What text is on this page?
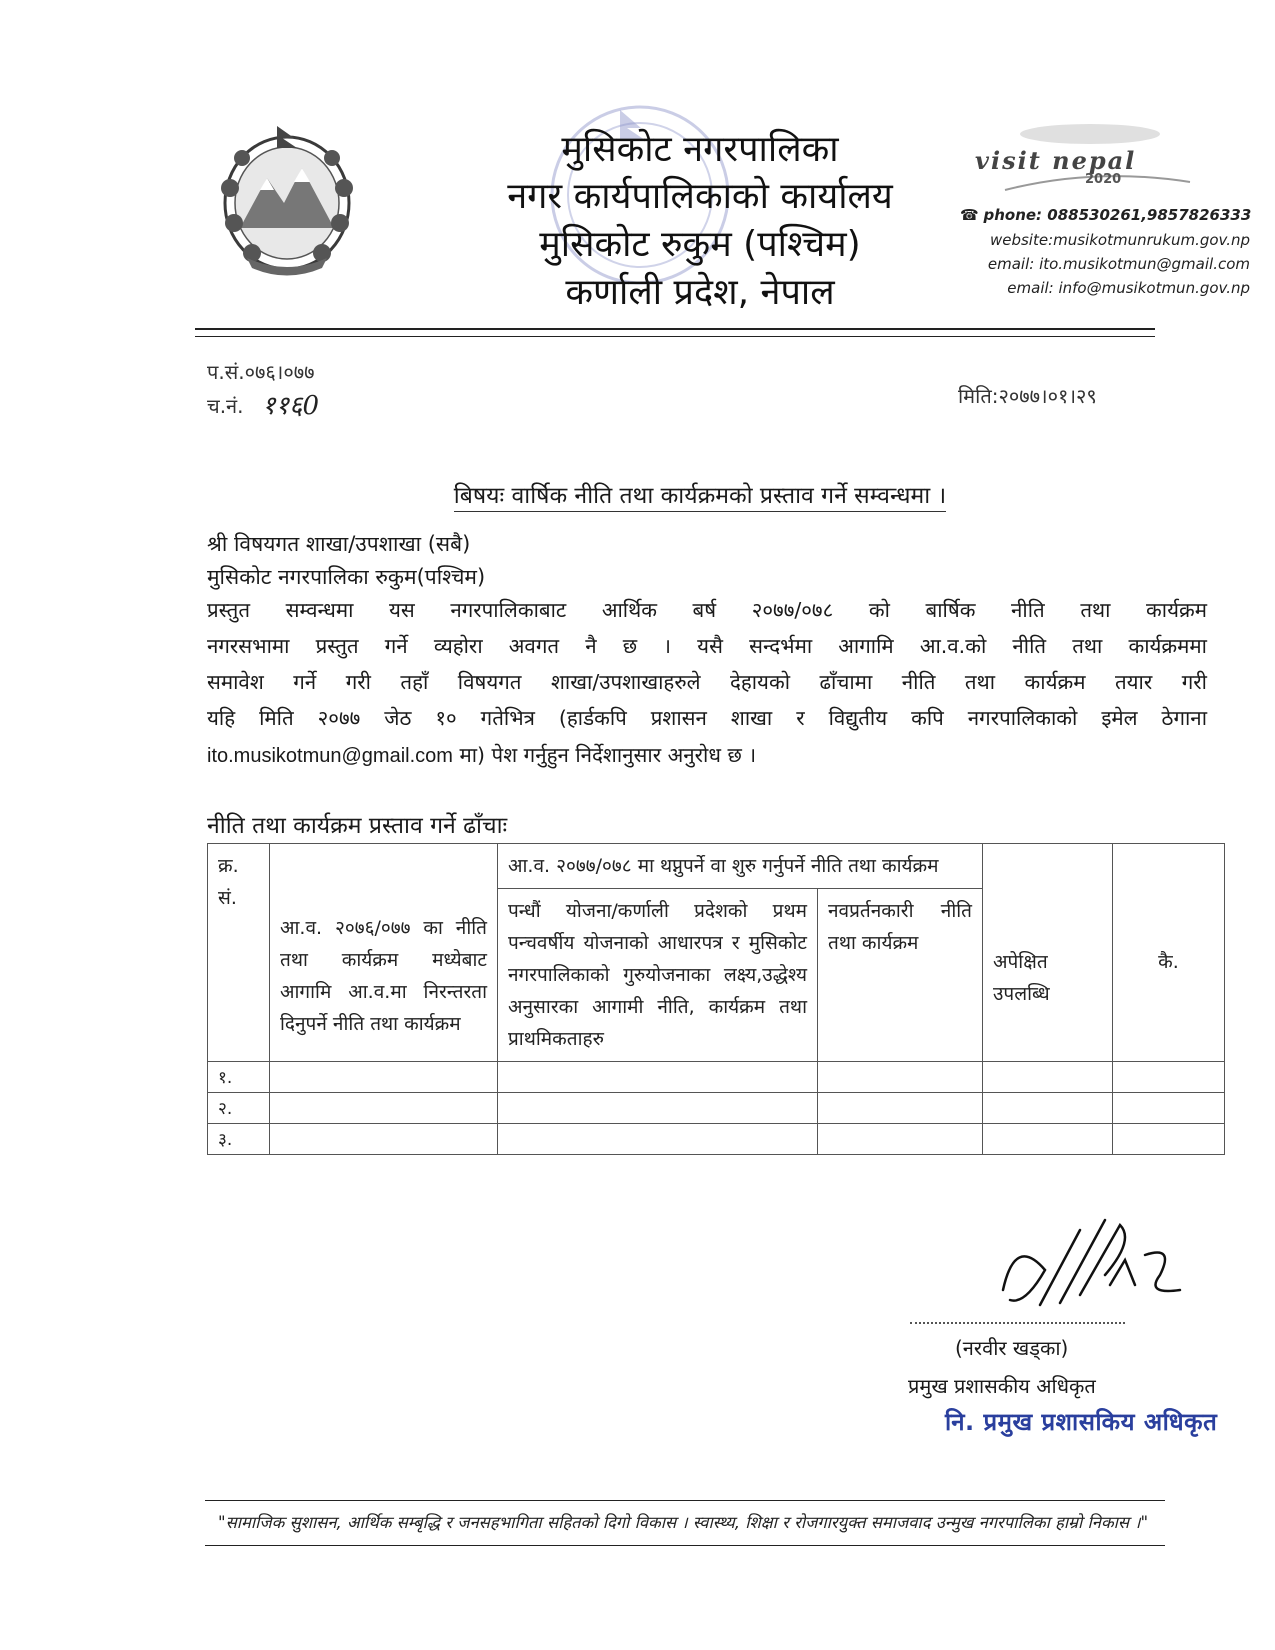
मुसिकोट नगरपालिका
नगर कार्यपालिकाको कार्यालय
मुसिकोट रुकुम (पश्चिम)
कर्णाली प्रदेश, नेपाल
visit nepal
2020
☎ phone: 088530261,9857826333
website:musikotmunrukum.gov.np
email: ito.musikotmun@gmail.com
email: info@musikotmun.gov.np
प.सं.०७६।०७७
च.नं. ११६0	मिति:२०७७।०१।२९
बिषयः वार्षिक नीति तथा कार्यक्रमको प्रस्ताव गर्ने सम्वन्धमा ।
श्री विषयगत शाखा/उपशाखा (सबै)
मुसिकोट नगरपालिका रुकुम(पश्चिम)
प्रस्तुत सम्वन्धमा यस नगरपालिकाबाट आर्थिक बर्ष २०७७/०७८ को बार्षिक नीति तथा कार्यक्रम
नगरसभामा प्रस्तुत गर्ने व्यहोरा अवगत नै छ । यसै सन्दर्भमा आगामि आ.व.को नीति तथा कार्यक्रममा
समावेश गर्ने गरी तहाँ विषयगत शाखा/उपशाखाहरुले देहायको ढाँचामा नीति तथा कार्यक्रम तयार गरी
यहि मिति २०७७ जेठ १० गतेभित्र (हार्डकपि प्रशासन शाखा र विद्युतीय कपि नगरपालिकाको इमेल ठेगाना
ito.musikotmun@gmail.com मा) पेश गर्नुहुन निर्देशानुसार अनुरोध छ ।
नीति तथा कार्यक्रम प्रस्ताव गर्ने ढाँचाः
क्र. सं.	आ.व. २०७६/०७७ का नीति तथा कार्यक्रम मध्येबाट आगामि आ.व.मा निरन्तरता दिनुपर्ने नीति तथा कार्यक्रम	आ.व. २०७७/०७८ मा थप्नुपर्ने वा शुरु गर्नुपर्ने नीति तथा कार्यक्रम		अपेक्षित उपलब्धि	कै.
		पन्धौं योजना/कर्णाली प्रदेशको प्रथम पन्चवर्षीय योजनाको आधारपत्र र मुसिकोट नगरपालिकाको गुरुयोजनाका लक्ष्य,उद्धेश्य अनुसारका आगामी नीति, कार्यक्रम तथा प्राथमिकताहरु	नवप्रर्तनकारी नीति तथा कार्यक्रम		
१.					
२.					
३.					
(नरवीर खड्का)
प्रमुख प्रशासकीय अधिकृत
नि. प्रमुख प्रशासकिय अधिकृत
"सामाजिक सुशासन, आर्थिक सम्बृद्धि र जनसहभागिता सहितको दिगो विकास । स्वास्थ्य, शिक्षा र रोजगारयुक्त समाजवाद उन्मुख नगरपालिका हाम्रो निकास ।"
